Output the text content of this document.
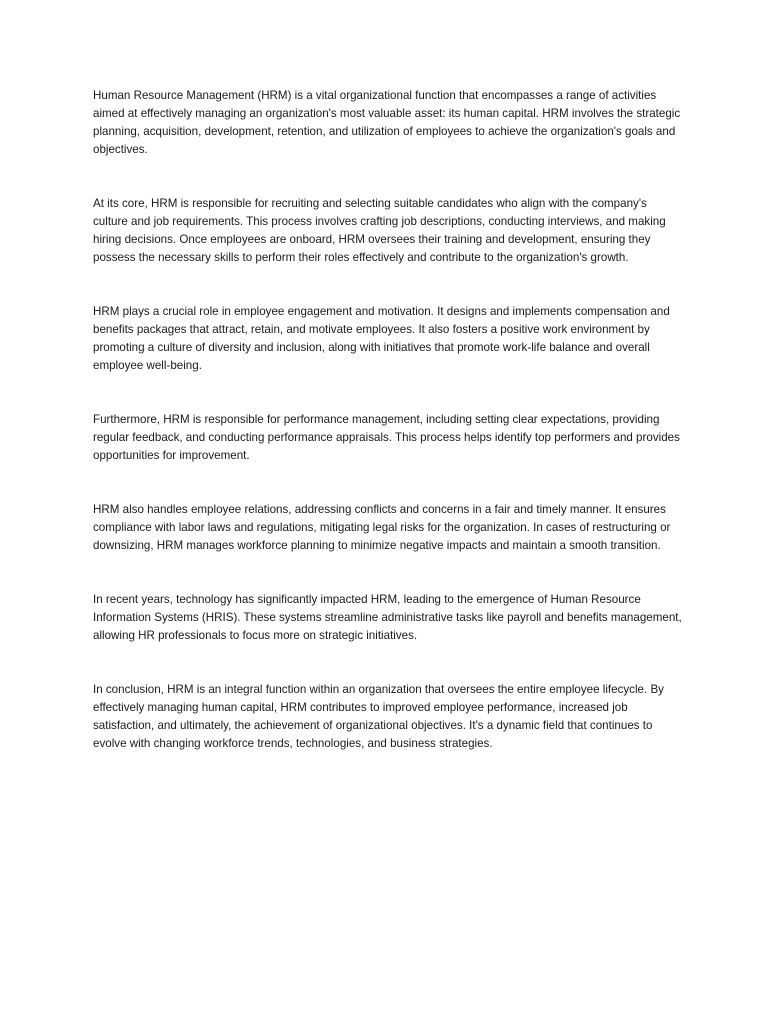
Human Resource Management (HRM) is a vital organizational function that encompasses a range of activities aimed at effectively managing an organization's most valuable asset: its human capital. HRM involves the strategic planning, acquisition, development, retention, and utilization of employees to achieve the organization's goals and objectives.

At its core, HRM is responsible for recruiting and selecting suitable candidates who align with the company's culture and job requirements. This process involves crafting job descriptions, conducting interviews, and making hiring decisions. Once employees are onboard, HRM oversees their training and development, ensuring they possess the necessary skills to perform their roles effectively and contribute to the organization's growth.

HRM plays a crucial role in employee engagement and motivation. It designs and implements compensation and benefits packages that attract, retain, and motivate employees. It also fosters a positive work environment by promoting a culture of diversity and inclusion, along with initiatives that promote work-life balance and overall employee well-being.

Furthermore, HRM is responsible for performance management, including setting clear expectations, providing regular feedback, and conducting performance appraisals. This process helps identify top performers and provides opportunities for improvement.

HRM also handles employee relations, addressing conflicts and concerns in a fair and timely manner. It ensures compliance with labor laws and regulations, mitigating legal risks for the organization. In cases of restructuring or downsizing, HRM manages workforce planning to minimize negative impacts and maintain a smooth transition.

In recent years, technology has significantly impacted HRM, leading to the emergence of Human Resource Information Systems (HRIS). These systems streamline administrative tasks like payroll and benefits management, allowing HR professionals to focus more on strategic initiatives.

In conclusion, HRM is an integral function within an organization that oversees the entire employee lifecycle. By effectively managing human capital, HRM contributes to improved employee performance, increased job satisfaction, and ultimately, the achievement of organizational objectives. It's a dynamic field that continues to evolve with changing workforce trends, technologies, and business strategies.
